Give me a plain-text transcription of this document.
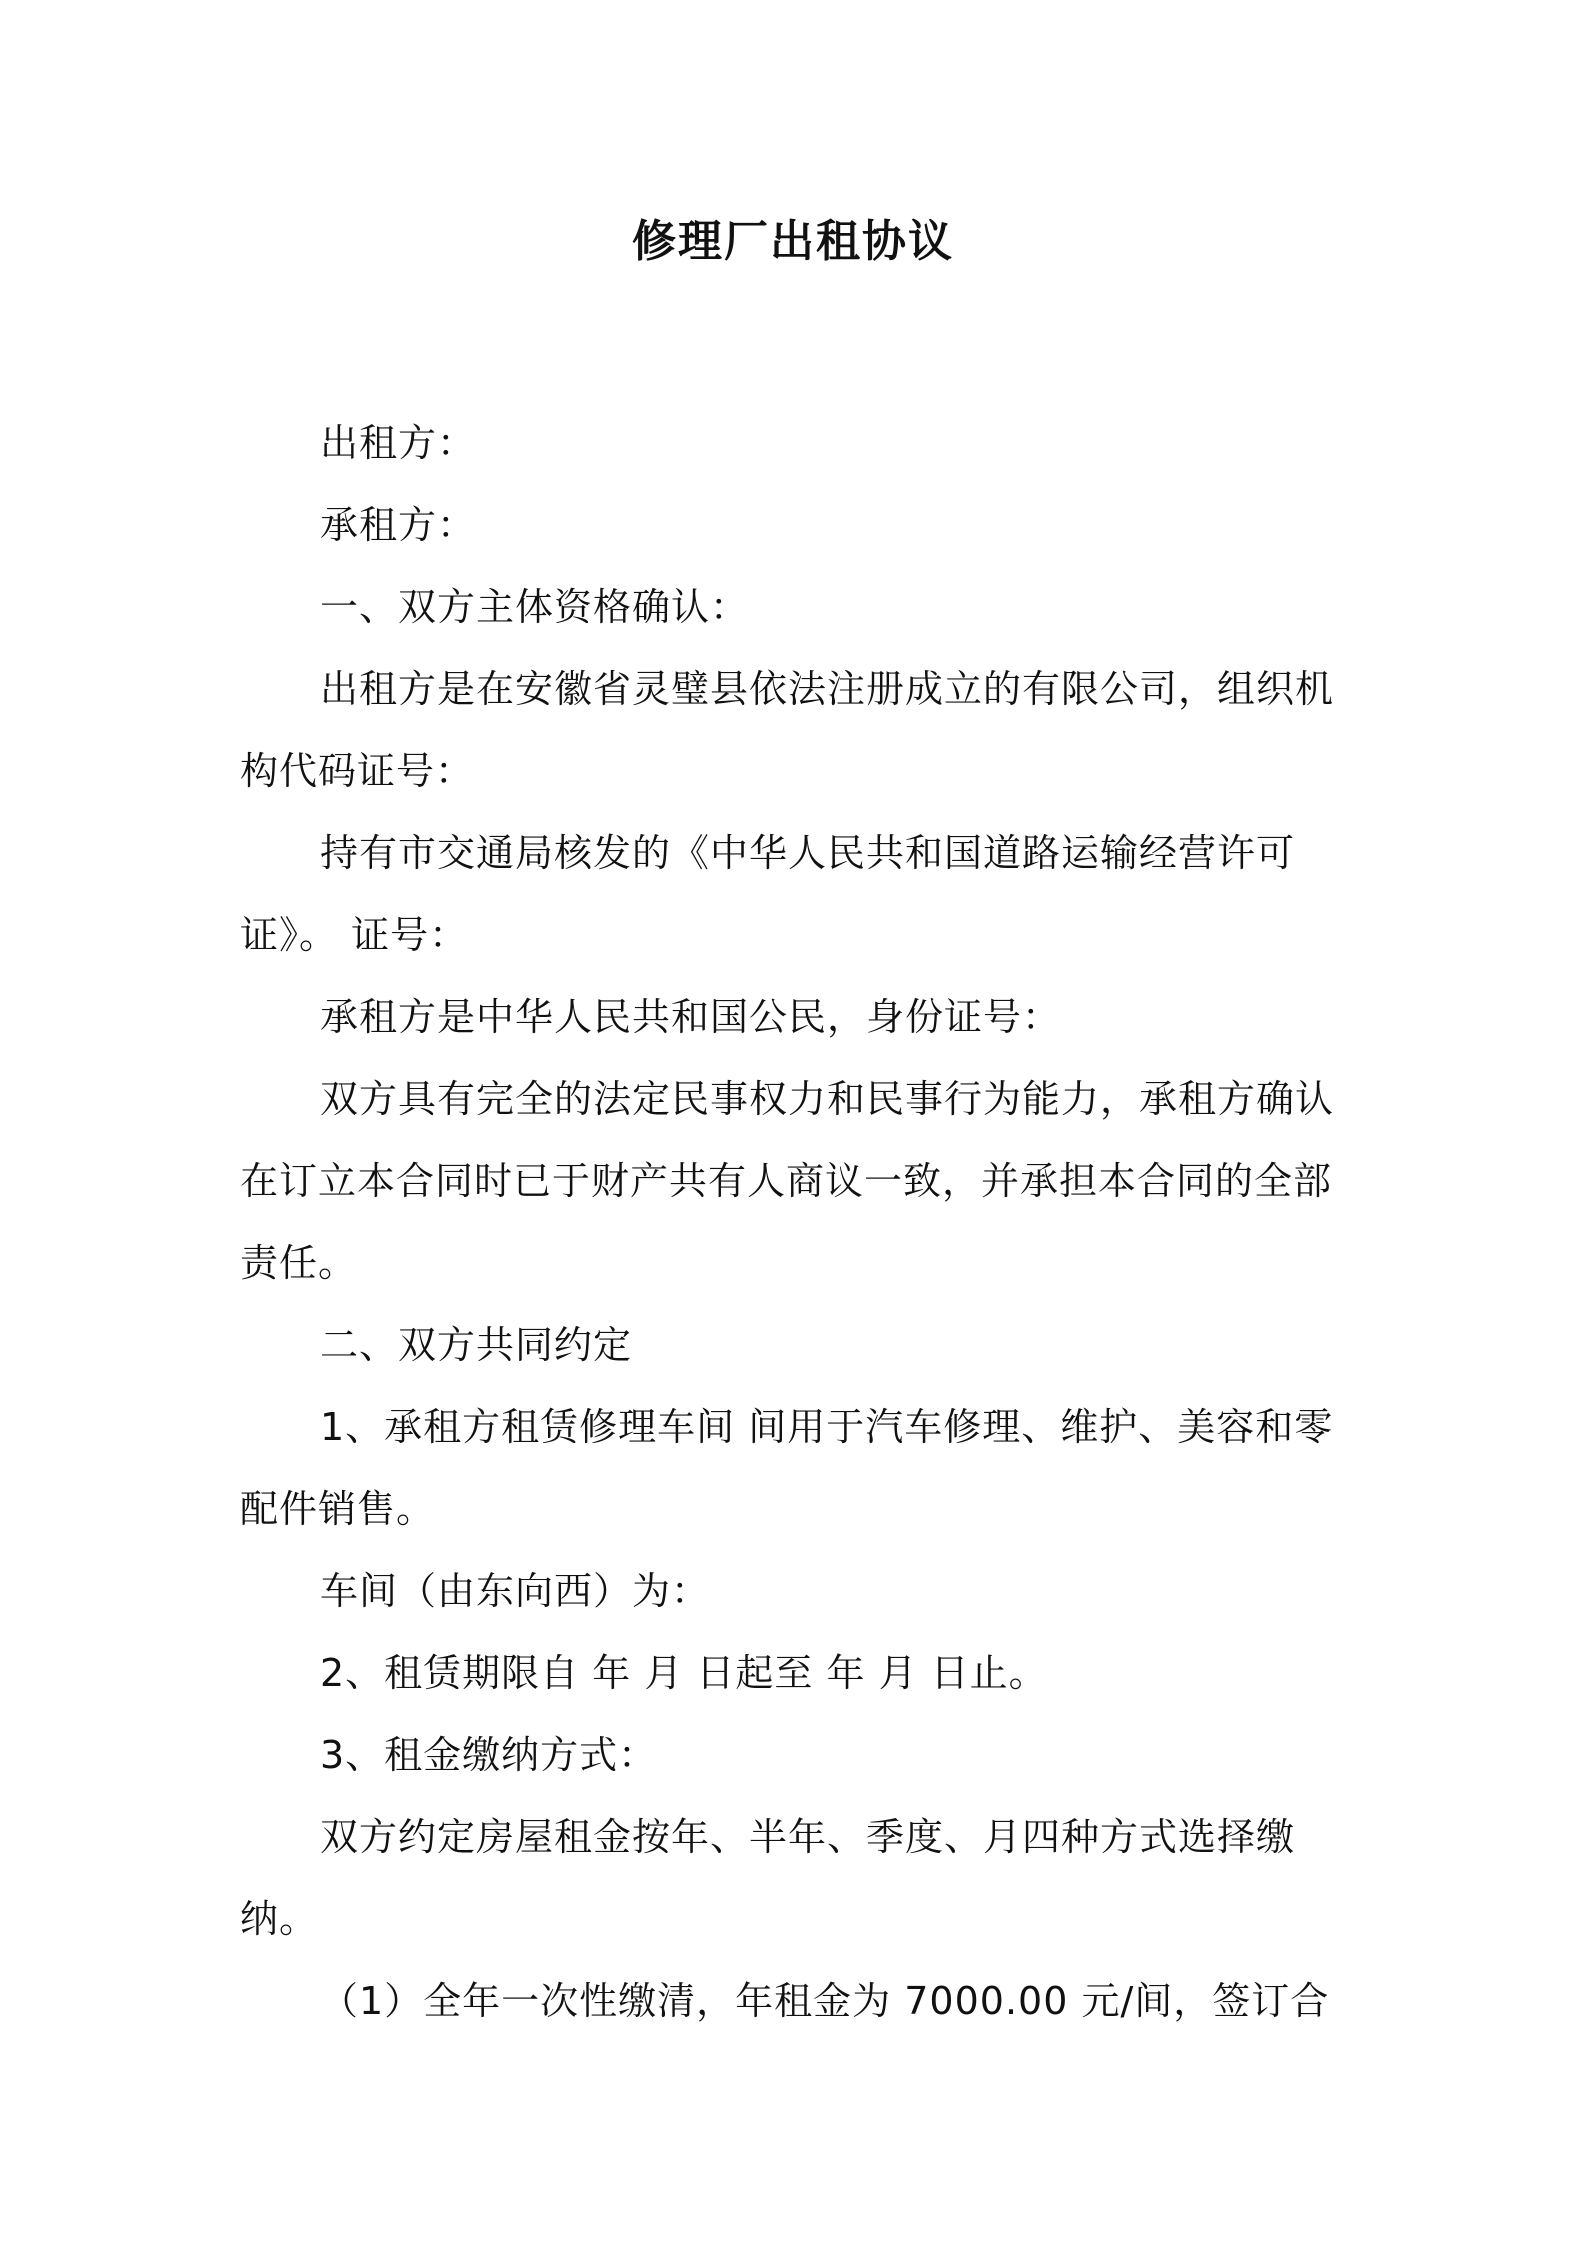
修理厂出租协议

出租方：

承租方：

一、双方主体资格确认：

出租方是在安徽省灵璧县依法注册成立的有限公司，组织机构代码证号：

持有市交通局核发的《中华人民共和国道路运输经营许可证》。 证号：

承租方是中华人民共和国公民，身份证号：

双方具有完全的法定民事权力和民事行为能力，承租方确认在订立本合同时已于财产共有人商议一致，并承担本合同的全部责任。

二、双方共同约定

1、承租方租赁修理车间 间用于汽车修理、维护、美容和零配件销售。

车间（由东向西）为：

2、租赁期限自 年 月 日起至 年 月 日止。

3、租金缴纳方式：

双方约定房屋租金按年、半年、季度、月四种方式选择缴纳。

（1）全年一次性缴清，年租金为 7000.00 元/间，签订合
